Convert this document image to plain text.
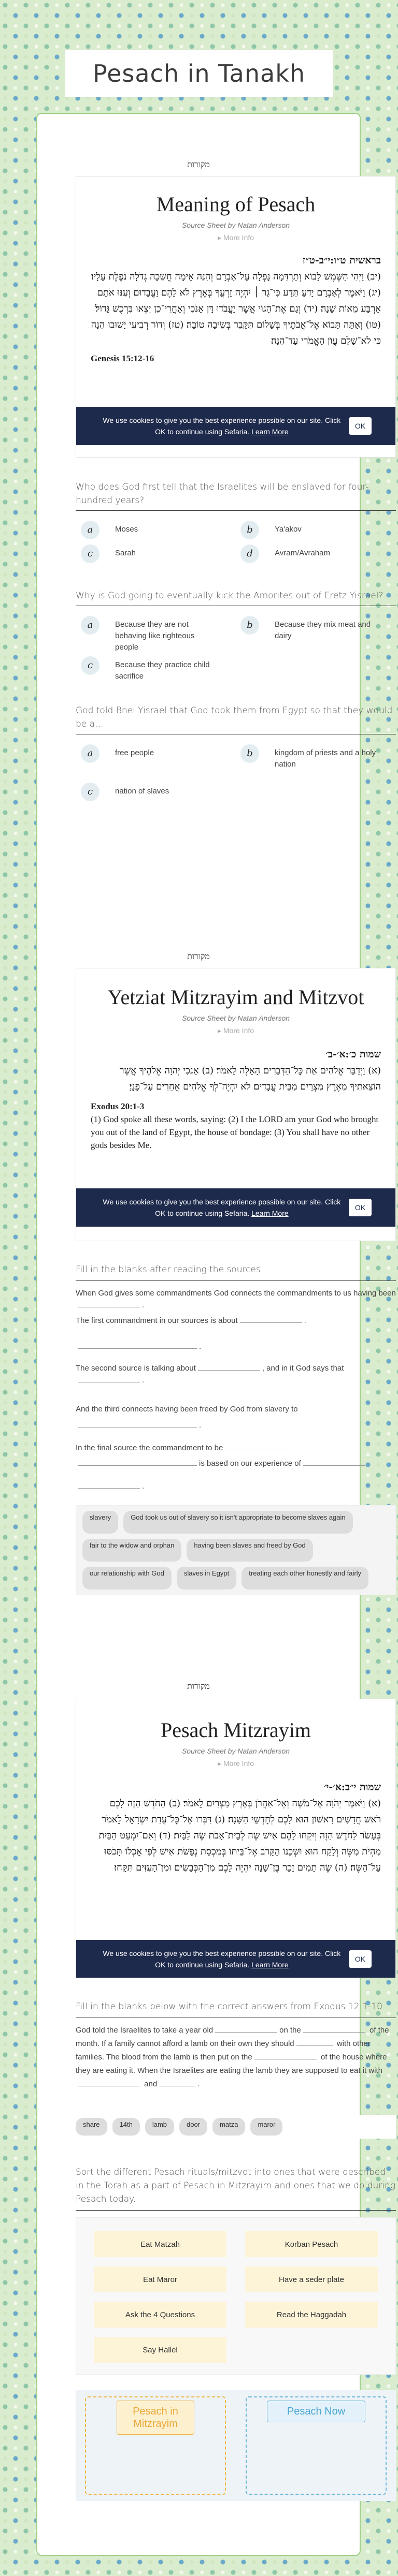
Pesach in Tanakh
מקורות
Meaning of Pesach
Source Sheet by Natan Anderson
▸ More Info
בראשית ט״ו:י״ב-ט״ז
(יב) וַיְהִי הַשֶּׁמֶשׁ לָבוֹא וְתַרְדֵּמָה נָפְלָה עַל־אַבְרָם וְהִנֵּה אֵימָה חֲשֵׁכָה גְדֹלָה נֹפֶלֶת עָלָיו׃ (יג) וַיֹּאמֶר לְאַבְרָם יָדֹעַ תֵּדַע כִּי־גֵר ׀ יִהְיֶה זַרְעֲךָ בְּאֶרֶץ לֹא לָהֶם וַעֲבָדוּם וְעִנּוּ אֹתָם אַרְבַּע מֵאוֹת שָׁנָה׃ (יד) וְגַם אֶת־הַגּוֹי אֲשֶׁר יַעֲבֹדוּ דָּן אָנֹכִי וְאַחֲרֵי־כֵן יֵצְאוּ בִּרְכֻשׁ גָּדוֹל׃ (טו) וְאַתָּה תָּבוֹא אֶל־אֲבֹתֶיךָ בְּשָׁלוֹם תִּקָּבֵר בְּשֵׂיבָה טוֹבָה׃ (טז) וְדוֹר רְבִיעִי יָשׁוּבוּ הֵנָּה כִּי לֹא־שָׁלֵם עֲוֺן הָאֱמֹרִי עַד־הֵנָּה׃
Genesis 15:12-16
We use cookies to give you the best experience possible on our site. Click OK to continue using Sefaria. Learn More
OK
Who does God first tell that the Israelites will be enslaved for four-hundred years?
a	Moses	b	Ya'akov
c	Sarah	d	Avram/Avraham
Why is God going to eventually kick the Amorites out of Eretz Yisrael?
a	Because they are not behaving like righteous people
b	Because they mix meat and dairy
c	Because they practice child sacrifice
God told Bnei Yisrael that God took them from Egypt so that they would be a...
a	free people	b	kingdom of priests and a holy nation
c	nation of slaves
מקורות
Yetziat Mitzrayim and Mitzvot
Source Sheet by Natan Anderson
▸ More Info
שמות כ׳:א׳-ב׳
(א) וַיְדַבֵּר אֱלֹהִים אֵת כׇּל־הַדְּבָרִים הָאֵלֶּה לֵאמֹר׃ (ב) אָנֹכִי יְהֹוָה אֱלֹהֶיךָ אֲשֶׁר הוֹצֵאתִיךָ מֵאֶרֶץ מִצְרַיִם מִבֵּית עֲבָדִים׃ לֹא יִהְיֶה־לְךָ אֱלֹהִים אֲחֵרִים עַל־פָּנָיַ׃
Exodus 20:1-3
(1) God spoke all these words, saying: (2) I the LORD am your God who brought you out of the land of Egypt, the house of bondage: (3) You shall have no other gods besides Me.
We use cookies to give you the best experience possible on our site. Click OK to continue using Sefaria. Learn More
OK
Fill in the blanks after reading the sources.
When God gives some commandments God connects the commandments to us having been.
The first commandment in our sources is about	.
.
The second source is talking about	, and in it God says that.
And the third connects having been freed by God from slavery to
.
In the final source the commandment to be
is based on our experience of
.
slavery	God took us out of slavery so it isn't appropriate to become slaves again
fair to the widow and orphan	having been slaves and freed by God
our relationship with God	slaves in Egypt	treating each other honestly and fairly
מקורות
Pesach Mitzrayim
Source Sheet by Natan Anderson
▸ More Info
שמות י״ב:א׳-י׳
(א) וַיֹּאמֶר יְהֹוָה אֶל־מֹשֶׁה וְאֶל־אַהֲרֹן בְּאֶרֶץ מִצְרַיִם לֵאמֹר׃ (ב) הַחֹדֶשׁ הַזֶּה לָכֶם רֹאשׁ חֳדָשִׁים רִאשׁוֹן הוּא לָכֶם לְחׇדְשֵׁי הַשָּׁנָה׃ (ג) דַּבְּרוּ אֶל־כׇּל־עֲדַת יִשְׂרָאֵל לֵאמֹר בֶּעָשֹׂר לַחֹדֶשׁ הַזֶּה וְיִקְחוּ לָהֶם אִישׁ שֶׂה לְבֵית־אָבֹת שֶׂה לַבָּיִת׃ (ד) וְאִם־יִמְעַט הַבַּיִת מִהְיֹת מִשֶּׂה וְלָקַח הוּא וּשְׁכֵנוֹ הַקָּרֹב אֶל־בֵּיתוֹ בְּמִכְסַת נְפָשֹׁת אִישׁ לְפִי אׇכְלוֹ תָּכֹסּוּ עַל־הַשֶּׂה׃ (ה) שֶׂה תָמִים זָכָר בֶּן־שָׁנָה יִהְיֶה לָכֶם מִן־הַכְּבָשִׂים וּמִן־הָעִזִּים תִּקָּחוּ׃
We use cookies to give you the best experience possible on our site. Click OK to continue using Sefaria. Learn More
OK
Fill in the blanks below with the correct answers from Exodus 12:1-10.
God told the Israelites to take a year old	on the	of the month. If a family cannot afford a lamb on their own they should	with other families. The blood from the lamb is then put on the	of the house where they are eating it. When the Israelites are eating the lamb they are supposed to eat it with and	.
share	14th	lamb	door	matza	maror
Sort the different Pesach rituals/mitzvot into ones that were described in the Torah as a part of Pesach in Mitzrayim and ones that we do during Pesach today.
Eat Matzah	Korban Pesach
Eat Maror	Have a seder plate
Ask the 4 Questions	Read the Haggadah
Say Hallel
Pesach in Mitzrayim
Pesach Now
